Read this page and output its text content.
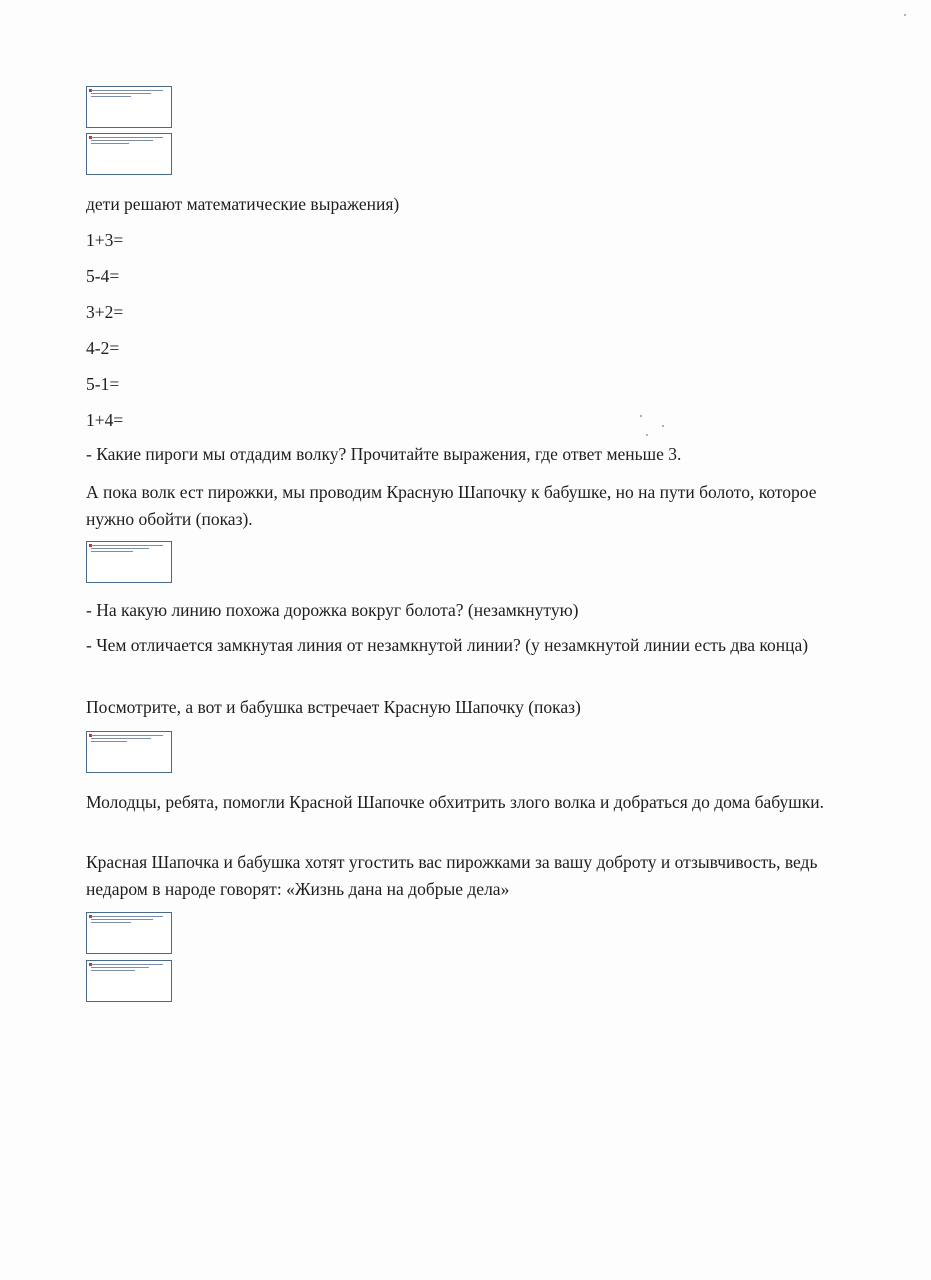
дети решают математические выражения)
1+3=
5-4=
3+2=
4-2=
5-1=
1+4=
- Какие пироги мы отдадим волку? Прочитайте выражения, где ответ меньше 3.
А пока волк ест пирожки, мы проводим Красную Шапочку к бабушке, но на пути болото, которое нужно обойти (показ).
- На какую линию похожа дорожка вокруг болота? (незамкнутую)
- Чем отличается замкнутая линия от незамкнутой линии? (у незамкнутой линии есть два конца)
Посмотрите, а вот и бабушка встречает Красную Шапочку (показ)
Молодцы, ребята, помогли Красной Шапочке обхитрить злого волка и добраться до дома бабушки.
Красная Шапочка и бабушка хотят угостить вас пирожками за вашу доброту и отзывчивость, ведь недаром в народе говорят: «Жизнь дана на добрые дела»
